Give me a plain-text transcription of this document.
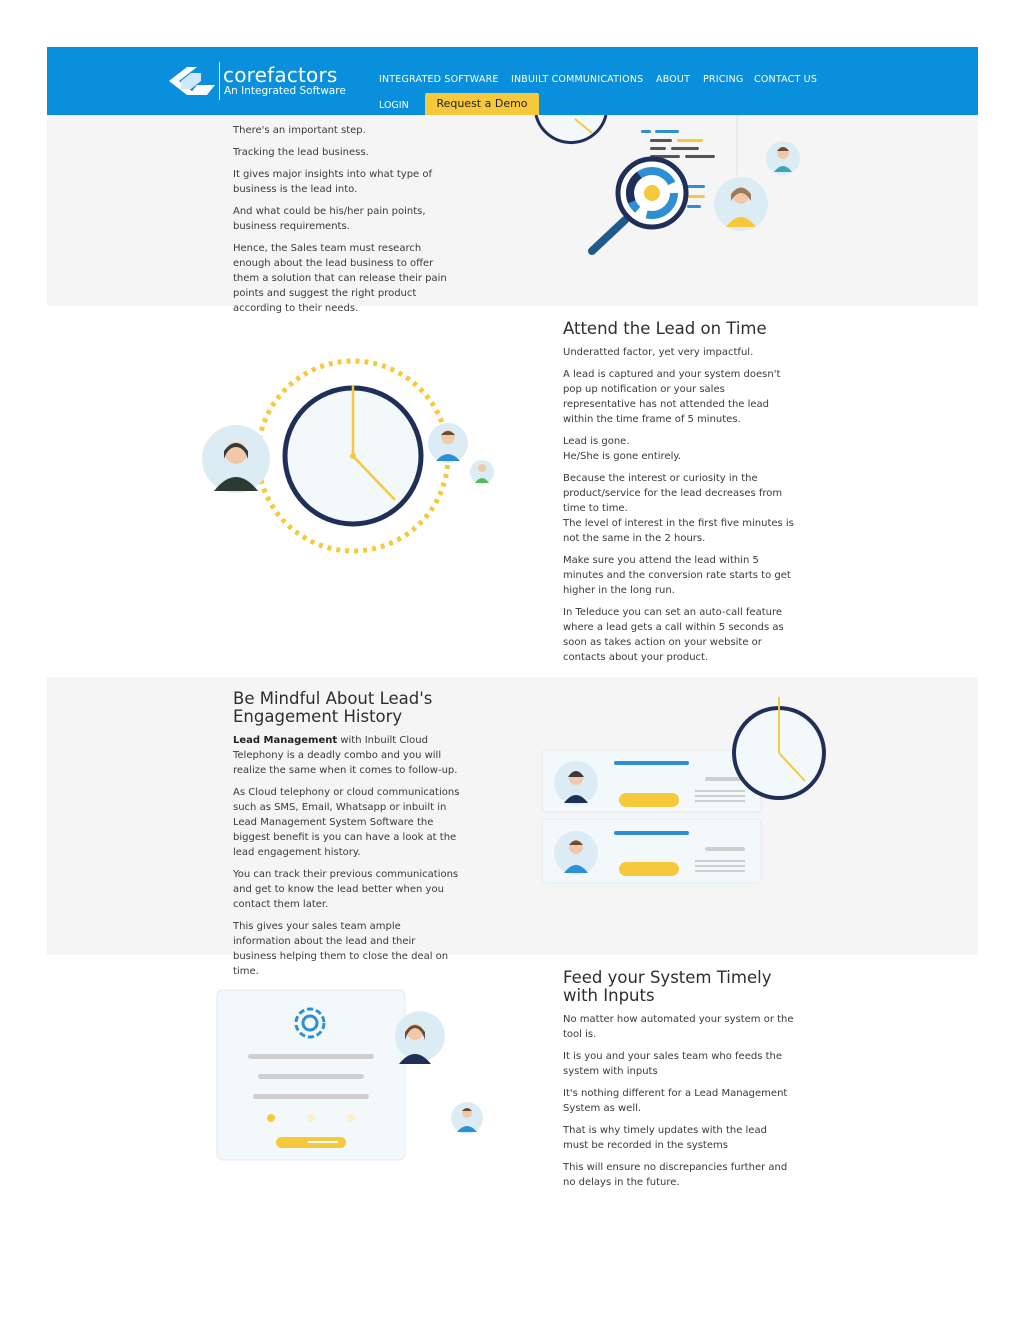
corefactors
An Integrated Software
INTEGRATED SOFTWARE INBUILT COMMUNICATIONS ABOUT PRICING CONTACT US
LOGIN	Request a Demo

There's an important step.

Tracking the lead business.

It gives major insights into what type of business is the lead into.

And what could be his/her pain points, business requirements.

Hence, the Sales team must research enough about the lead business to offer them a solution that can release their pain points and suggest the right product according to their needs.

Attend the Lead on Time

Underatted factor, yet very impactful.

A lead is captured and your system doesn't pop up notification or your sales representative has not attended the lead within the time frame of 5 minutes.

Lead is gone.

He/She is gone entirely.

Because the interest or curiosity in the product/service for the lead decreases from time to time.

The level of interest in the first five minutes is not the same in the 2 hours.

Make sure you attend the lead within 5 minutes and the conversion rate starts to get higher in the long run.

In Teleduce you can set an auto-call feature where a lead gets a call within 5 seconds as soon as takes action on your website or contacts about your product.

Be Mindful About Lead's Engagement History

Lead Management with Inbuilt Cloud Telephony is a deadly combo and you will realize the same when it comes to follow-up.

As Cloud telephony or cloud communications such as SMS, Email, Whatsapp or inbuilt in Lead Management System Software the biggest benefit is you can have a look at the lead engagement history.

You can track their previous communications and get to know the lead better when you contact them later.

This gives your sales team ample information about the lead and their business helping them to close the deal on time.	Feed your System Timely with Inputs

No matter how automated your system or the tool is.

It is you and your sales team who feeds the system with inputs

It's nothing different for a Lead Management System as well.

That is why timely updates with the lead must be recorded in the systems

This will ensure no discrepancies further and no delays in the future.
